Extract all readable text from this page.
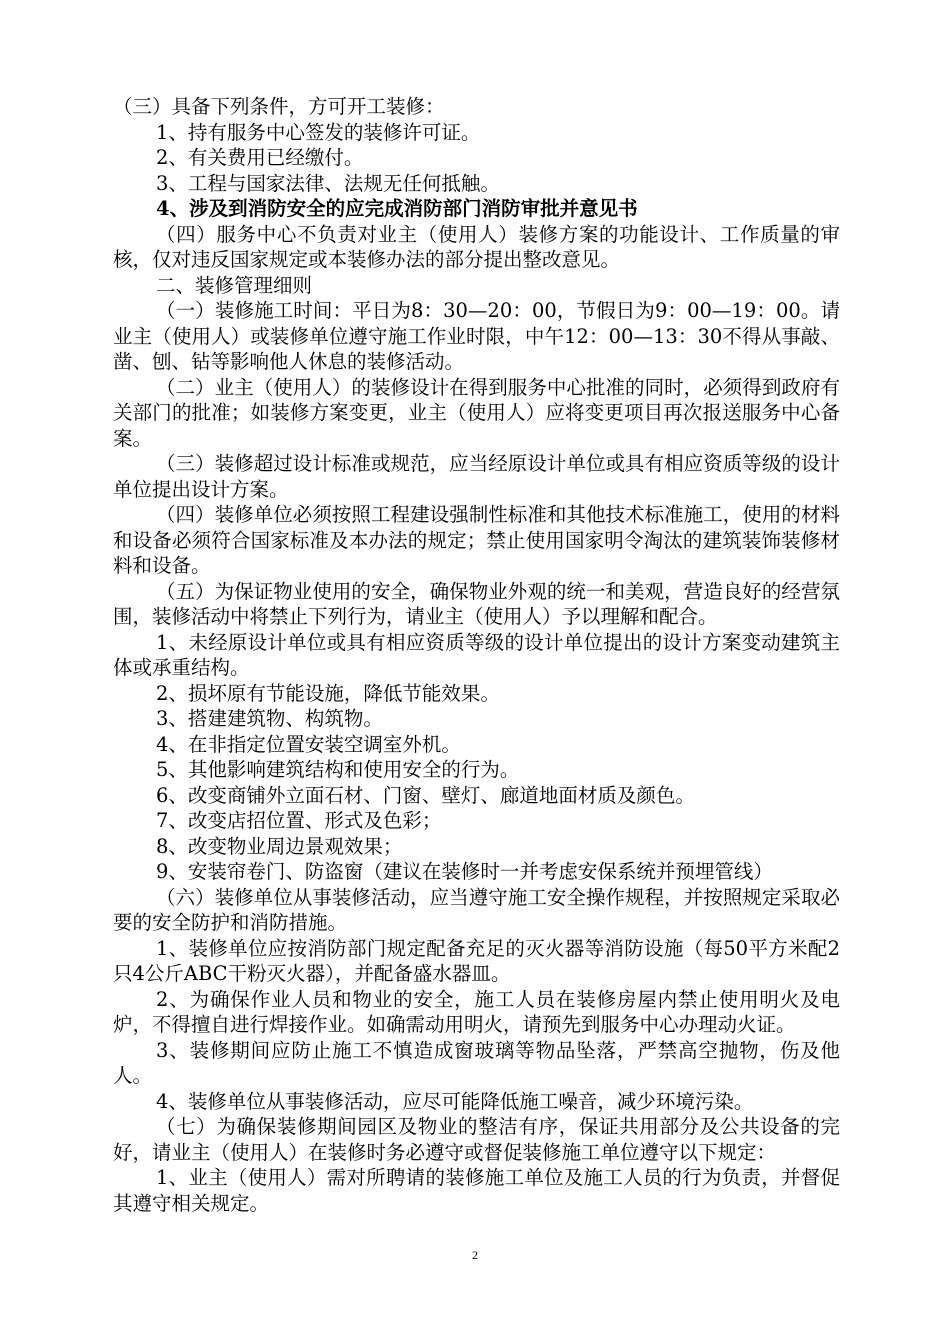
（三）具备下列条件，方可开工装修：

1、持有服务中心签发的装修许可证。

2、有关费用已经缴付。

3、工程与国家法律、法规无任何抵触。

4、涉及到消防安全的应完成消防部门消防审批并意见书

（四）服务中心不负责对业主（使用人）装修方案的功能设计、工作质量的审核，仅对违反国家规定或本装修办法的部分提出整改意见。

二、装修管理细则

（一）装修施工时间：平日为8：30—20：00，节假日为9：00—19：00。请业主（使用人）或装修单位遵守施工作业时限，中午12：00—13：30不得从事敲、凿、刨、钻等影响他人休息的装修活动。

（二）业主（使用人）的装修设计在得到服务中心批准的同时，必须得到政府有关部门的批准；如装修方案变更，业主（使用人）应将变更项目再次报送服务中心备案。

（三）装修超过设计标准或规范，应当经原设计单位或具有相应资质等级的设计单位提出设计方案。

（四）装修单位必须按照工程建设强制性标准和其他技术标准施工，使用的材料和设备必须符合国家标准及本办法的规定；禁止使用国家明令淘汰的建筑装饰装修材料和设备。

（五）为保证物业使用的安全，确保物业外观的统一和美观，营造良好的经营氛围，装修活动中将禁止下列行为，请业主（使用人）予以理解和配合。

1、未经原设计单位或具有相应资质等级的设计单位提出的设计方案变动建筑主体或承重结构。

2、损坏原有节能设施，降低节能效果。

3、搭建建筑物、构筑物。

4、在非指定位置安装空调室外机。

5、其他影响建筑结构和使用安全的行为。

6、改变商铺外立面石材、门窗、壁灯、廊道地面材质及颜色。

7、改变店招位置、形式及色彩；

8、改变物业周边景观效果；

9、安装帘卷门、防盗窗（建议在装修时一并考虑安保系统并预埋管线）

（六）装修单位从事装修活动，应当遵守施工安全操作规程，并按照规定采取必要的安全防护和消防措施。

1、装修单位应按消防部门规定配备充足的灭火器等消防设施（每50平方米配2只4公斤ABC干粉灭火器），并配备盛水器皿。

2、为确保作业人员和物业的安全，施工人员在装修房屋内禁止使用明火及电炉，不得擅自进行焊接作业。如确需动用明火，请预先到服务中心办理动火证。

3、装修期间应防止施工不慎造成窗玻璃等物品坠落，严禁高空抛物，伤及他人。

4、装修单位从事装修活动，应尽可能降低施工噪音，减少环境污染。

（七）为确保装修期间园区及物业的整洁有序，保证共用部分及公共设备的完好，请业主（使用人）在装修时务必遵守或督促装修施工单位遵守以下规定：

1、业主（使用人）需对所聘请的装修施工单位及施工人员的行为负责，并督促其遵守相关规定。

2
